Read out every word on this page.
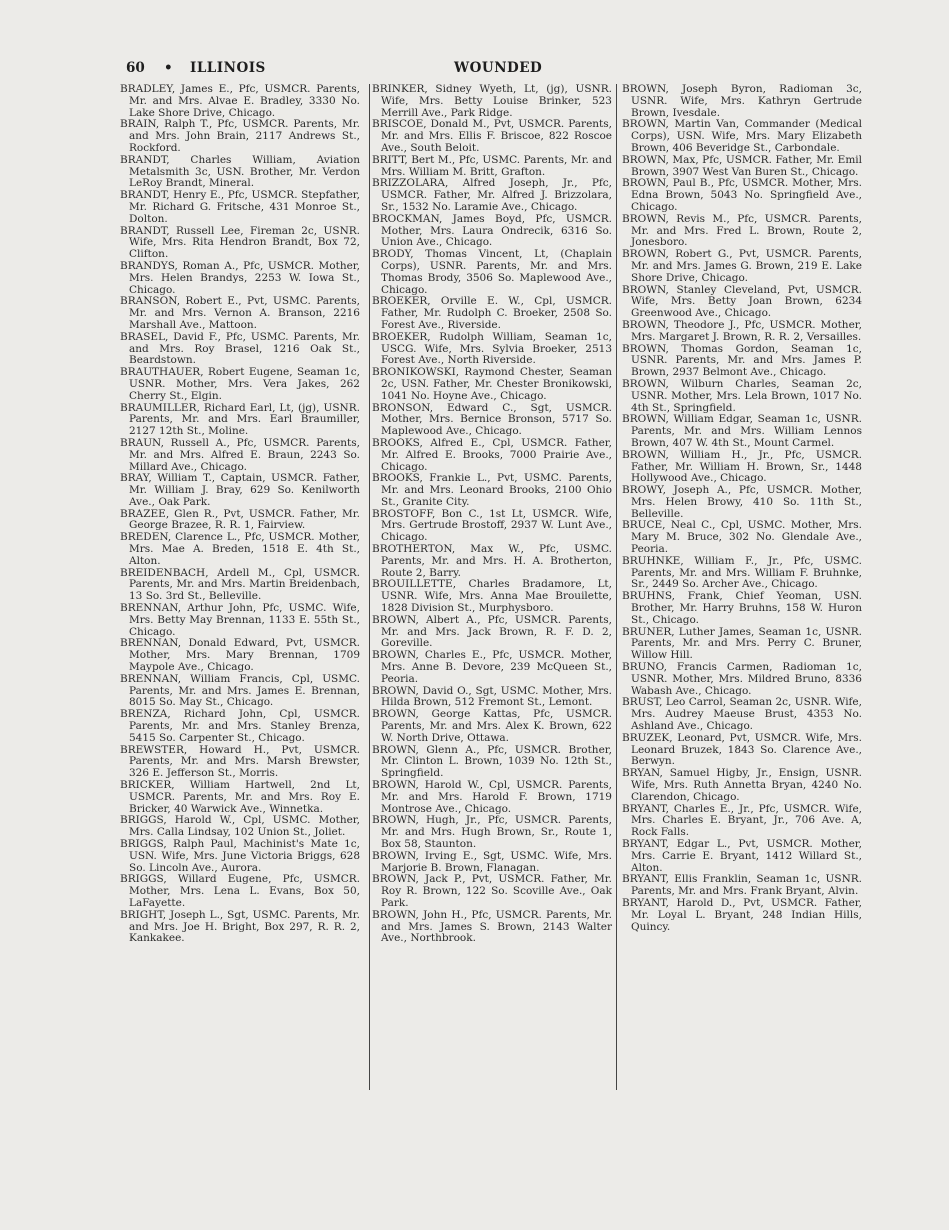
60 • ILLINOIS	WOUNDED
BRADLEY, James E., Pfc, USMCR. Parents, Mr. and Mrs. Alvae E. Bradley, 3330 No. Lake Shore Drive, Chicago.
BRAIN, Ralph T., Pfc, USMCR. Parents, Mr. and Mrs. John Brain, 2117 Andrews St., Rockford.
BRANDT, Charles William, Aviation Metalsmith 3c, USN. Brother, Mr. Verdon LeRoy Brandt, Mineral.
BRANDT, Henry E., Pfc, USMCR. Stepfather, Mr. Richard G. Fritsche, 431 Monroe St., Dolton.
BRANDT, Russell Lee, Fireman 2c, USNR. Wife, Mrs. Rita Hendron Brandt, Box 72, Clifton.
BRANDYS, Roman A., Pfc, USMCR. Mother, Mrs. Helen Brandys, 2253 W. Iowa St., Chicago.
BRANSON, Robert E., Pvt, USMC. Parents, Mr. and Mrs. Vernon A. Branson, 2216 Marshall Ave., Mattoon.
BRASEL, David F., Pfc, USMC. Parents, Mr. and Mrs. Roy Brasel, 1216 Oak St., Beardstown.
BRAUTHAUER, Robert Eugene, Seaman 1c, USNR. Mother, Mrs. Vera Jakes, 262 Cherry St., Elgin.
BRAUMILLER, Richard Earl, Lt, (jg), USNR. Parents, Mr. and Mrs. Earl Braumiller, 2127 12th St., Moline.
BRAUN, Russell A., Pfc, USMCR. Parents, Mr. and Mrs. Alfred E. Braun, 2243 So. Millard Ave., Chicago.
BRAY, William T., Captain, USMCR. Father, Mr. William J. Bray, 629 So. Kenilworth Ave., Oak Park.
BRAZEE, Glen R., Pvt, USMCR. Father, Mr. George Brazee, R. R. 1, Fairview.
BREDEN, Clarence L., Pfc, USMCR. Mother, Mrs. Mae A. Breden, 1518 E. 4th St., Alton.
BREIDENBACH, Ardell M., Cpl, USMCR. Parents, Mr. and Mrs. Martin Breidenbach, 13 So. 3rd St., Belleville.
BRENNAN, Arthur John, Pfc, USMC. Wife, Mrs. Betty May Brennan, 1133 E. 55th St., Chicago.
BRENNAN, Donald Edward, Pvt, USMCR. Mother, Mrs. Mary Brennan, 1709 Maypole Ave., Chicago.
BRENNAN, William Francis, Cpl, USMC. Parents, Mr. and Mrs. James E. Brennan, 8015 So. May St., Chicago.
BRENZA, Richard John, Cpl, USMCR. Parents, Mr. and Mrs. Stanley Brenza, 5415 So. Carpenter St., Chicago.
BREWSTER, Howard H., Pvt, USMCR. Parents, Mr. and Mrs. Marsh Brewster, 326 E. Jefferson St., Morris.
BRICKER, William Hartwell, 2nd Lt, USMCR. Parents, Mr. and Mrs. Roy E. Bricker, 40 Warwick Ave., Winnetka.
BRIGGS, Harold W., Cpl, USMC. Mother, Mrs. Calla Lindsay, 102 Union St., Joliet.
BRIGGS, Ralph Paul, Machinist's Mate 1c, USN. Wife, Mrs. June Victoria Briggs, 628 So. Lincoln Ave., Aurora.
BRIGGS, Willard Eugene, Pfc, USMCR. Mother, Mrs. Lena L. Evans, Box 50, LaFayette.
BRIGHT, Joseph L., Sgt, USMC. Parents, Mr. and Mrs. Joe H. Bright, Box 297, R. R. 2, Kankakee.
BRINKER, Sidney Wyeth, Lt, (jg), USNR. Wife, Mrs. Betty Louise Brinker, 523 Merrill Ave., Park Ridge.
BRISCOE, Donald M., Pvt, USMCR. Parents, Mr. and Mrs. Ellis F. Briscoe, 822 Roscoe Ave., South Beloit.
BRITT, Bert M., Pfc, USMC. Parents, Mr. and Mrs. William M. Britt, Grafton.
BRIZZOLARA, Alfred Joseph, Jr., Pfc, USMCR. Father, Mr. Alfred J. Brizzolara, Sr., 1532 No. Laramie Ave., Chicago.
BROCKMAN, James Boyd, Pfc, USMCR. Mother, Mrs. Laura Ondrecik, 6316 So. Union Ave., Chicago.
BRODY, Thomas Vincent, Lt, (Chaplain Corps), USNR. Parents, Mr. and Mrs. Thomas Brody, 3506 So. Maplewood Ave., Chicago.
BROEKER, Orville E. W., Cpl, USMCR. Father, Mr. Rudolph C. Broeker, 2508 So. Forest Ave., Riverside.
BROEKER, Rudolph William, Seaman 1c, USCG. Wife, Mrs. Sylvia Broeker, 2513 Forest Ave., North Riverside.
BRONIKOWSKI, Raymond Chester, Seaman 2c, USN. Father, Mr. Chester Bronikowski, 1041 No. Hoyne Ave., Chicago.
BRONSON, Edward C., Sgt, USMCR. Mother, Mrs. Bernice Bronson, 5717 So. Maplewood Ave., Chicago.
BROOKS, Alfred E., Cpl, USMCR. Father, Mr. Alfred E. Brooks, 7000 Prairie Ave., Chicago.
BROOKS, Frankie L., Pvt, USMC. Parents, Mr. and Mrs. Leonard Brooks, 2100 Ohio St., Granite City.
BROSTOFF, Bon C., 1st Lt, USMCR. Wife, Mrs. Gertrude Brostoff, 2937 W. Lunt Ave., Chicago.
BROTHERTON, Max W., Pfc, USMC. Parents, Mr. and Mrs. H. A. Brotherton, Route 2, Barry.
BROUILLETTE, Charles Bradamore, Lt, USNR. Wife, Mrs. Anna Mae Brouilette, 1828 Division St., Murphysboro.
BROWN, Albert A., Pfc, USMCR. Parents, Mr. and Mrs. Jack Brown, R. F. D. 2, Goreville.
BROWN, Charles E., Pfc, USMCR. Mother, Mrs. Anne B. Devore, 239 McQueen St., Peoria.
BROWN, David O., Sgt, USMC. Mother, Mrs. Hilda Brown, 512 Fremont St., Lemont.
BROWN, George Kattas, Pfc, USMCR. Parents, Mr. and Mrs. Alex K. Brown, 622 W. North Drive, Ottawa.
BROWN, Glenn A., Pfc, USMCR. Brother, Mr. Clinton L. Brown, 1039 No. 12th St., Springfield.
BROWN, Harold W., Cpl, USMCR. Parents, Mr. and Mrs. Harold F. Brown, 1719 Montrose Ave., Chicago.
BROWN, Hugh, Jr., Pfc, USMCR. Parents, Mr. and Mrs. Hugh Brown, Sr., Route 1, Box 58, Staunton.
BROWN, Irving E., Sgt, USMC. Wife, Mrs. Marjorie B. Brown, Flanagan.
BROWN, Jack P., Pvt, USMCR. Father, Mr. Roy R. Brown, 122 So. Scoville Ave., Oak Park.
BROWN, John H., Pfc, USMCR. Parents, Mr. and Mrs. James S. Brown, 2143 Walter Ave., Northbrook.
BROWN, Joseph Byron, Radioman 3c, USNR. Wife, Mrs. Kathryn Gertrude Brown, Ivesdale.
BROWN, Martin Van, Commander (Medical Corps), USN. Wife, Mrs. Mary Elizabeth Brown, 406 Beveridge St., Carbondale.
BROWN, Max, Pfc, USMCR. Father, Mr. Emil Brown, 3907 West Van Buren St., Chicago.
BROWN, Paul B., Pfc, USMCR. Mother, Mrs. Edna Brown, 5043 No. Springfield Ave., Chicago.
BROWN, Revis M., Pfc, USMCR. Parents, Mr. and Mrs. Fred L. Brown, Route 2, Jonesboro.
BROWN, Robert G., Pvt, USMCR. Parents, Mr. and Mrs. James G. Brown, 219 E. Lake Shore Drive, Chicago.
BROWN, Stanley Cleveland, Pvt, USMCR. Wife, Mrs. Betty Joan Brown, 6234 Greenwood Ave., Chicago.
BROWN, Theodore J., Pfc, USMCR. Mother, Mrs. Margaret J. Brown, R. R. 2, Versailles.
BROWN, Thomas Gordon, Seaman 1c, USNR. Parents, Mr. and Mrs. James P. Brown, 2937 Belmont Ave., Chicago.
BROWN, Wilburn Charles, Seaman 2c, USNR. Mother, Mrs. Lela Brown, 1017 No. 4th St., Springfield.
BROWN, William Edgar, Seaman 1c, USNR. Parents, Mr. and Mrs. William Lennos Brown, 407 W. 4th St., Mount Carmel.
BROWN, William H., Jr., Pfc, USMCR. Father, Mr. William H. Brown, Sr., 1448 Hollywood Ave., Chicago.
BROWY, Joseph A., Pfc, USMCR. Mother, Mrs. Helen Browy, 410 So. 11th St., Belleville.
BRUCE, Neal C., Cpl, USMC. Mother, Mrs. Mary M. Bruce, 302 No. Glendale Ave., Peoria.
BRUHNKE, William F., Jr., Pfc, USMC. Parents, Mr. and Mrs. William F. Bruhnke, Sr., 2449 So. Archer Ave., Chicago.
BRUHNS, Frank, Chief Yeoman, USN. Brother, Mr. Harry Bruhns, 158 W. Huron St., Chicago.
BRUNER, Luther James, Seaman 1c, USNR. Parents, Mr. and Mrs. Perry C. Bruner, Willow Hill.
BRUNO, Francis Carmen, Radioman 1c, USNR. Mother, Mrs. Mildred Bruno, 8336 Wabash Ave., Chicago.
BRUST, Leo Carrol, Seaman 2c, USNR. Wife, Mrs. Audrey Maeuse Brust, 4353 No. Ashland Ave., Chicago.
BRUZEK, Leonard, Pvt, USMCR. Wife, Mrs. Leonard Bruzek, 1843 So. Clarence Ave., Berwyn.
BRYAN, Samuel Higby, Jr., Ensign, USNR. Wife, Mrs. Ruth Annetta Bryan, 4240 No. Clarendon, Chicago.
BRYANT, Charles E., Jr., Pfc, USMCR. Wife, Mrs. Charles E. Bryant, Jr., 706 Ave. A, Rock Falls.
BRYANT, Edgar L., Pvt, USMCR. Mother, Mrs. Carrie E. Bryant, 1412 Willard St., Alton.
BRYANT, Ellis Franklin, Seaman 1c, USNR. Parents, Mr. and Mrs. Frank Bryant, Alvin.
BRYANT, Harold D., Pvt, USMCR. Father, Mr. Loyal L. Bryant, 248 Indian Hills, Quincy.
